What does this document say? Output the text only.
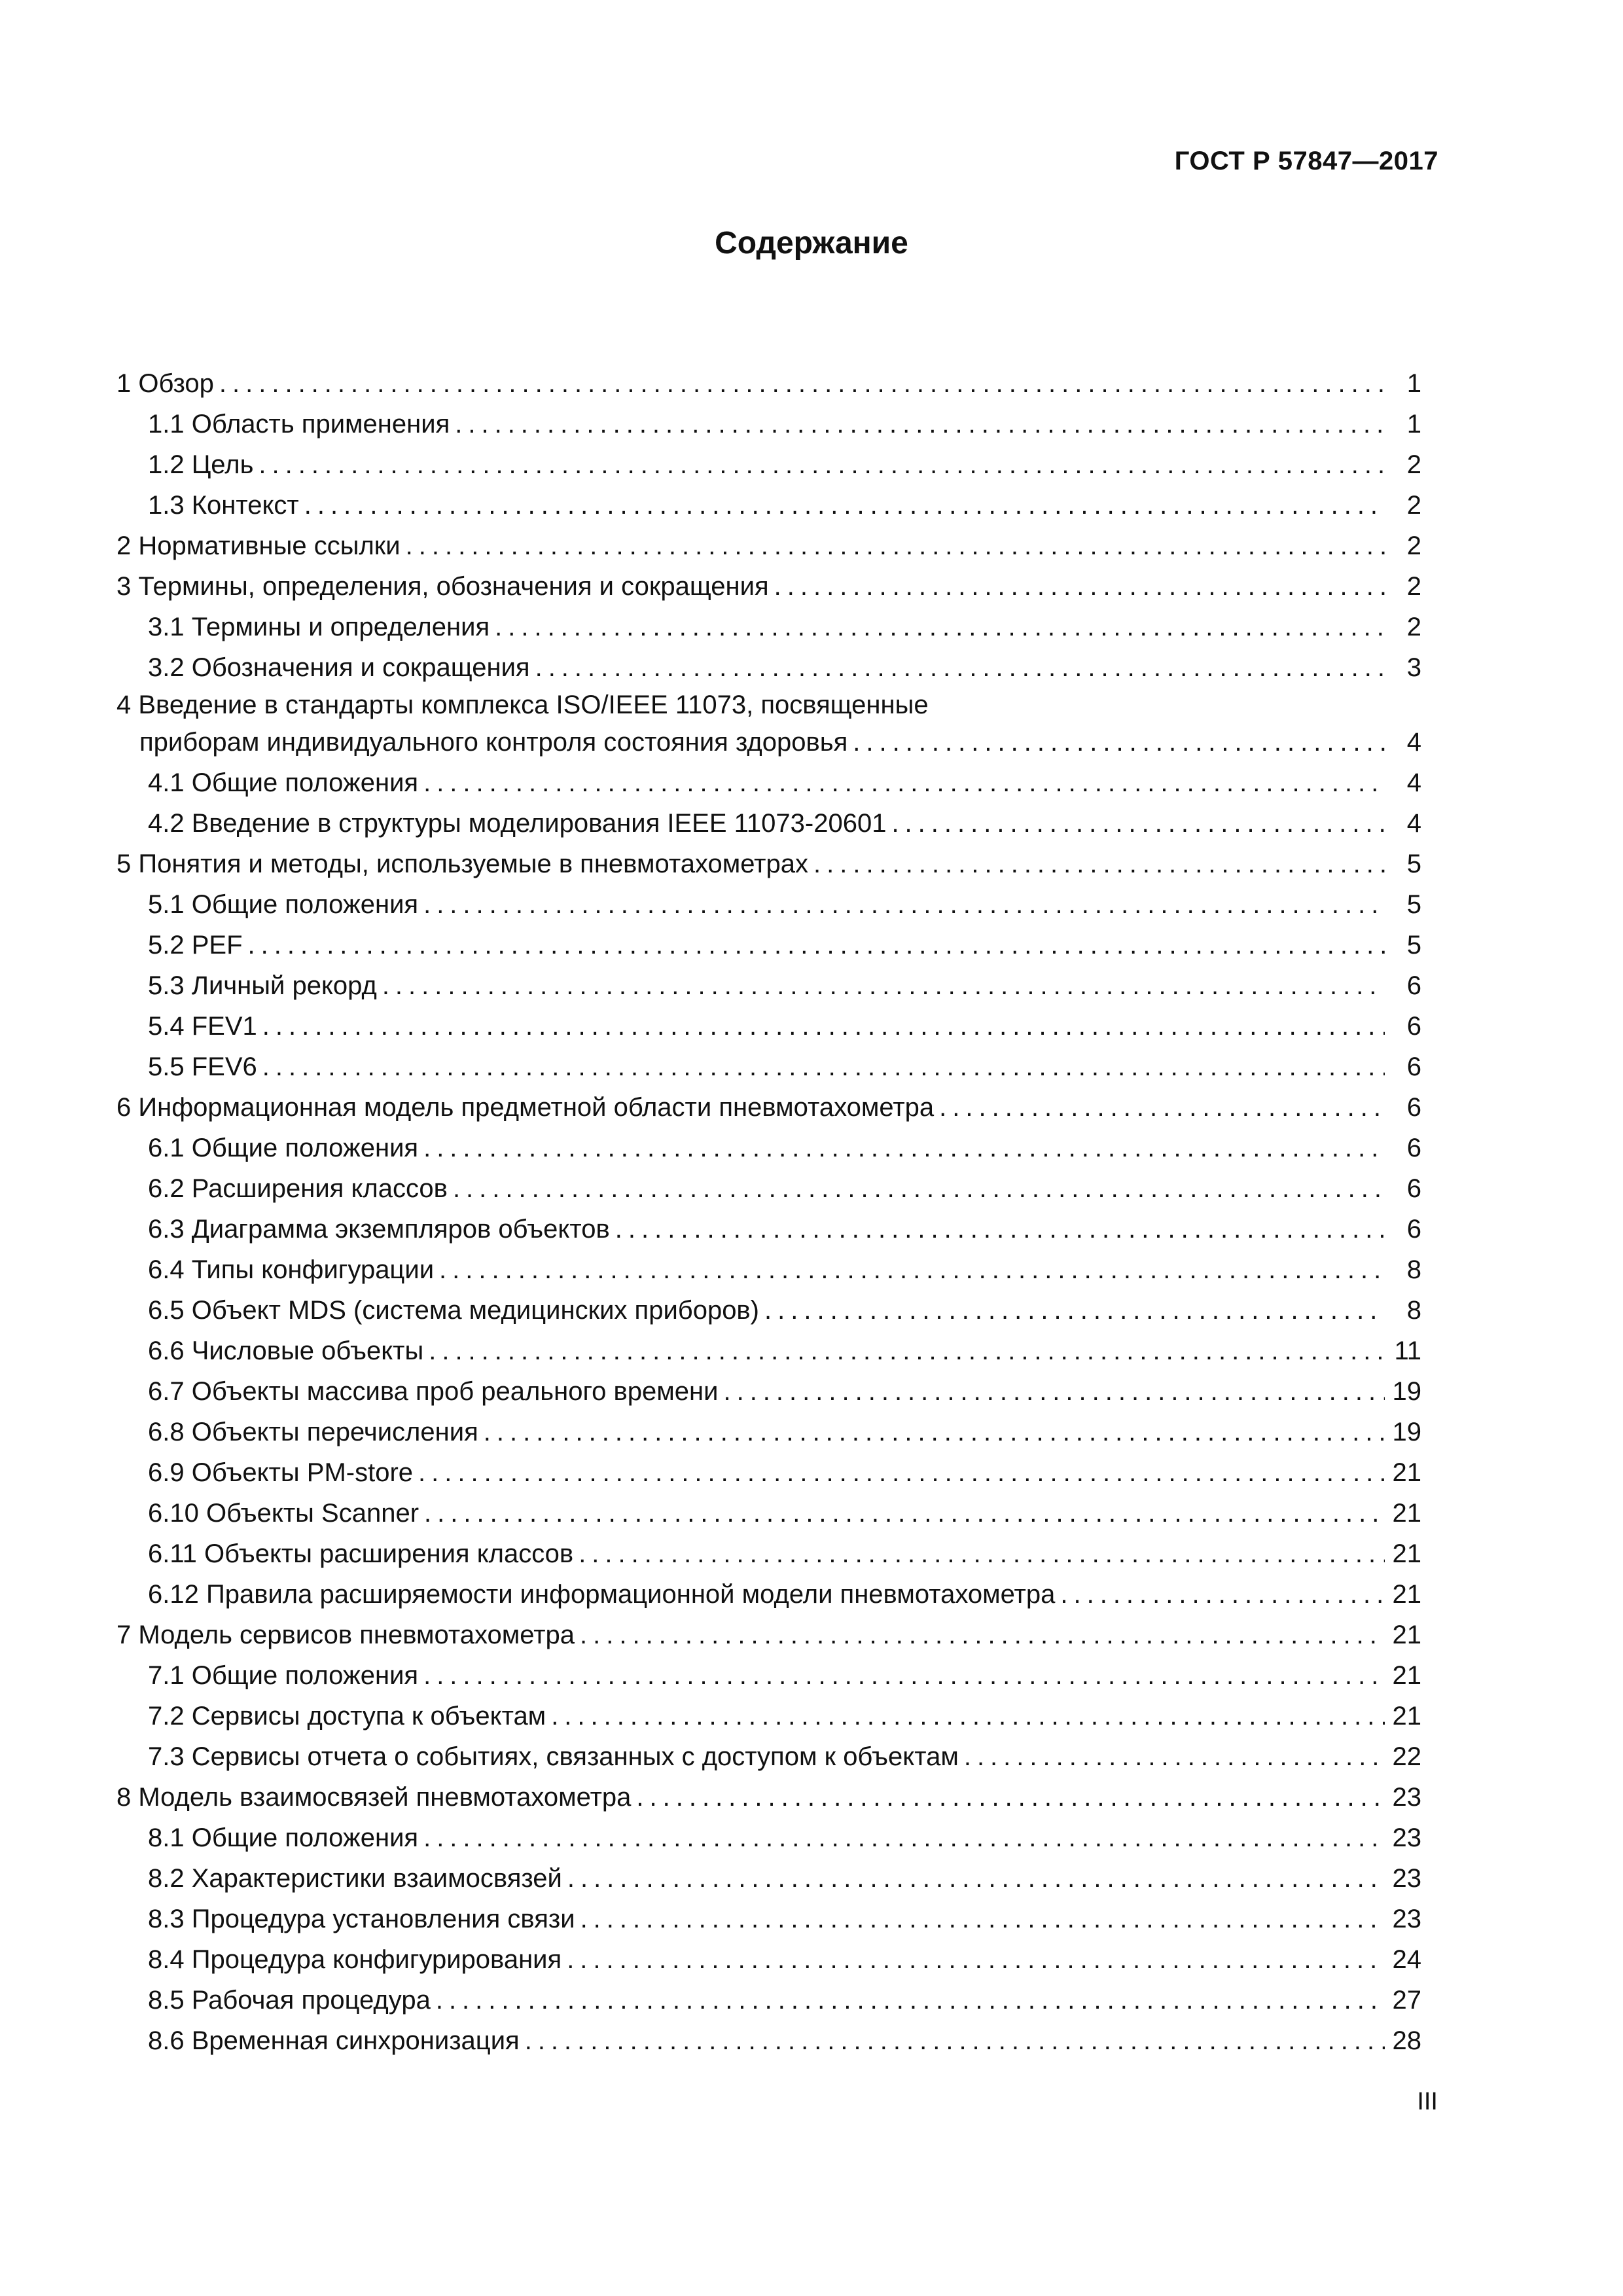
ГОСТ Р 57847—2017
Содержание
1 Обзор .....	1
1.1 Область применения .....	1
1.2 Цель .....	2
1.3 Контекст .....	2
2 Нормативные ссылки .....	2
3 Термины, определения, обозначения и сокращения .....	2
3.1 Термины и определения .....	2
3.2 Обозначения и сокращения .....	3
4 Введение в стандарты комплекса ISO/IEEE 11073, посвященные
приборам индивидуального контроля состояния здоровья .....	4
4.1 Общие положения .....	4
4.2 Введение в структуры моделирования IEEE 11073-20601 .....	4
5 Понятия и методы, используемые в пневмотахометрах .....	5
5.1 Общие положения .....	5
5.2 PEF .....	5
5.3 Личный рекорд .....	6
5.4 FEV1 .....	6
5.5 FEV6 .....	6
6 Информационная модель предметной области пневмотахометра .....	6
6.1 Общие положения .....	6
6.2 Расширения классов .....	6
6.3 Диаграмма экземпляров объектов .....	6
6.4 Типы конфигурации .....	8
6.5 Объект MDS (система медицинских приборов) .....	8
6.6 Числовые объекты .....	11
6.7 Объекты массива проб реального времени .....	19
6.8 Объекты перечисления .....	19
6.9 Объекты PM-store .....	21
6.10 Объекты Scanner .....	21
6.11 Объекты расширения классов .....	21
6.12 Правила расширяемости информационной модели пневмотахометра .....	21
7 Модель сервисов пневмотахометра .....	21
7.1 Общие положения .....	21
7.2 Сервисы доступа к объектам .....	21
7.3 Сервисы отчета о событиях, связанных с доступом к объектам .....	22
8 Модель взаимосвязей пневмотахометра .....	23
8.1 Общие положения .....	23
8.2 Характеристики взаимосвязей .....	23
8.3 Процедура установления связи .....	23
8.4 Процедура конфигурирования .....	24
8.5 Рабочая процедура .....	27
8.6 Временная синхронизация .....	28
III
